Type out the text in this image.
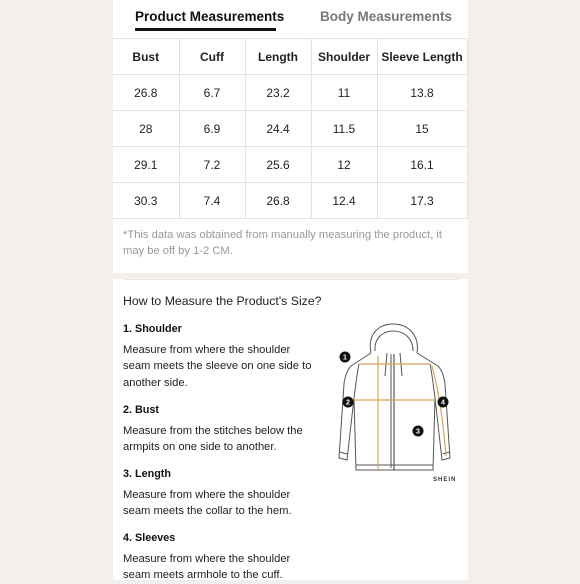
Product Measurements	Body Measurements
Bust	Cuff	Length	Shoulder	Sleeve Length
26.8	6.7	23.2	11	13.8
28	6.9	24.4	11.5	15
29.1	7.2	25.6	12	16.1
30.3	7.4	26.8	12.4	17.3
*This data was obtained from manually measuring the product, it may be off by 1-2 CM.
How to Measure the Product's Size?
1. Shoulder
Measure from where the shoulder seam meets the sleeve on one side to another side.
2. Bust
Measure from the stitches below the armpits on one side to another.
3. Length
Measure from where the shoulder seam meets the collar to the hem.
4. Sleeves
Measure from where the shoulder seam meets armhole to the cuff.
1
2
3
4
SHEIN
